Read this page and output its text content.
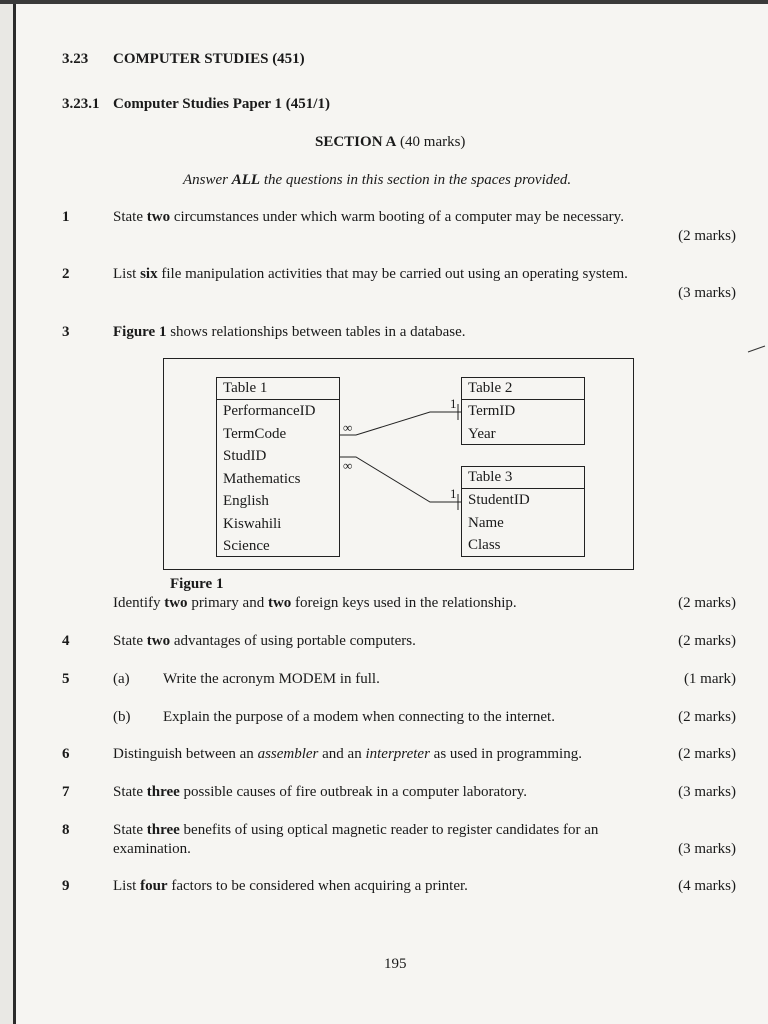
3.23 COMPUTER STUDIES (451)
3.23.1 Computer Studies Paper 1 (451/1)
SECTION A (40 marks)
Answer ALL the questions in this section in the spaces provided.
1	State two circumstances under which warm booting of a computer may be necessary.
(2 marks)
2	List six file manipulation activities that may be carried out using an operating system.
(3 marks)
3	Figure 1 shows relationships between tables in a database.
Table 1
PerformanceID
TermCode
StudID
Mathematics
English
Kiswahili
Science
Table 2
TermID
Year
Table 3
StudentID
Name
Class
1
∞
∞
1
Figure 1
Identify two primary and two foreign keys used in the relationship.	(2 marks)
4	State two advantages of using portable computers.	(2 marks)
5	(a) Write the acronym MODEM in full.	(1 mark)
(b) Explain the purpose of a modem when connecting to the internet.	(2 marks)
6	Distinguish between an assembler and an interpreter as used in programming.	(2 marks)
7	State three possible causes of fire outbreak in a computer laboratory.	(3 marks)
8	State three benefits of using optical magnetic reader to register candidates for an
examination.	(3 marks)
9	List four factors to be considered when acquiring a printer.	(4 marks)
195
